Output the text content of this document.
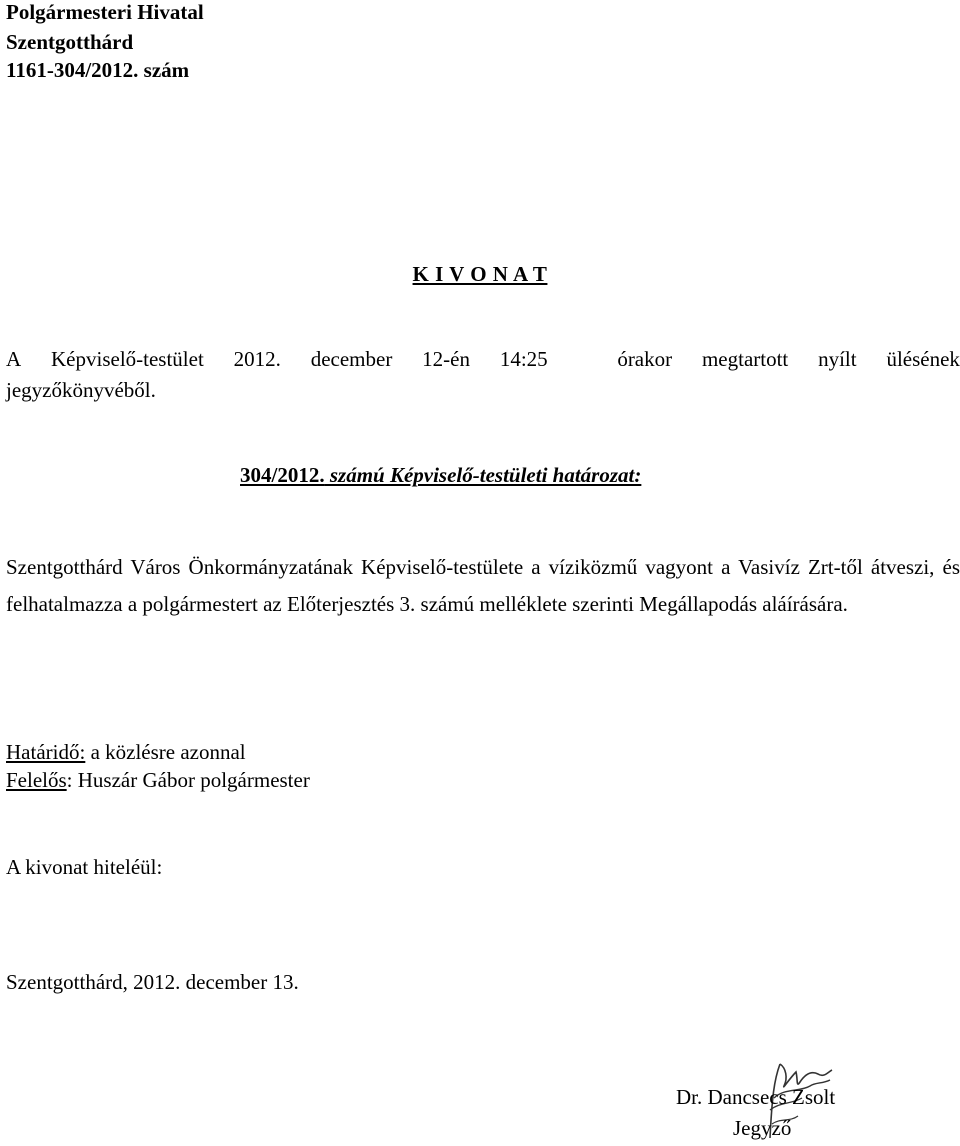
Polgármesteri Hivatal
Szentgotthárd
1161-304/2012. szám
K I V O N A T
A Képviselő-testület 2012. december 12-én 14:25	órakor megtartott nyílt ülésének
jegyzőkönyvéből.
304/2012. számú Képviselő-testületi határozat:
Szentgotthárd Város Önkormányzatának Képviselő-testülete a víziközmű vagyont a Vasivíz Zrt-től átveszi, és felhatalmazza a polgármestert az Előterjesztés 3. számú melléklete szerinti Megállapodás aláírására.
Határidő: a közlésre azonnal
Felelős: Huszár Gábor polgármester
A kivonat hiteléül:
Szentgotthárd, 2012. december 13.
Dr. Dancsecs Zsolt
Jegyző
